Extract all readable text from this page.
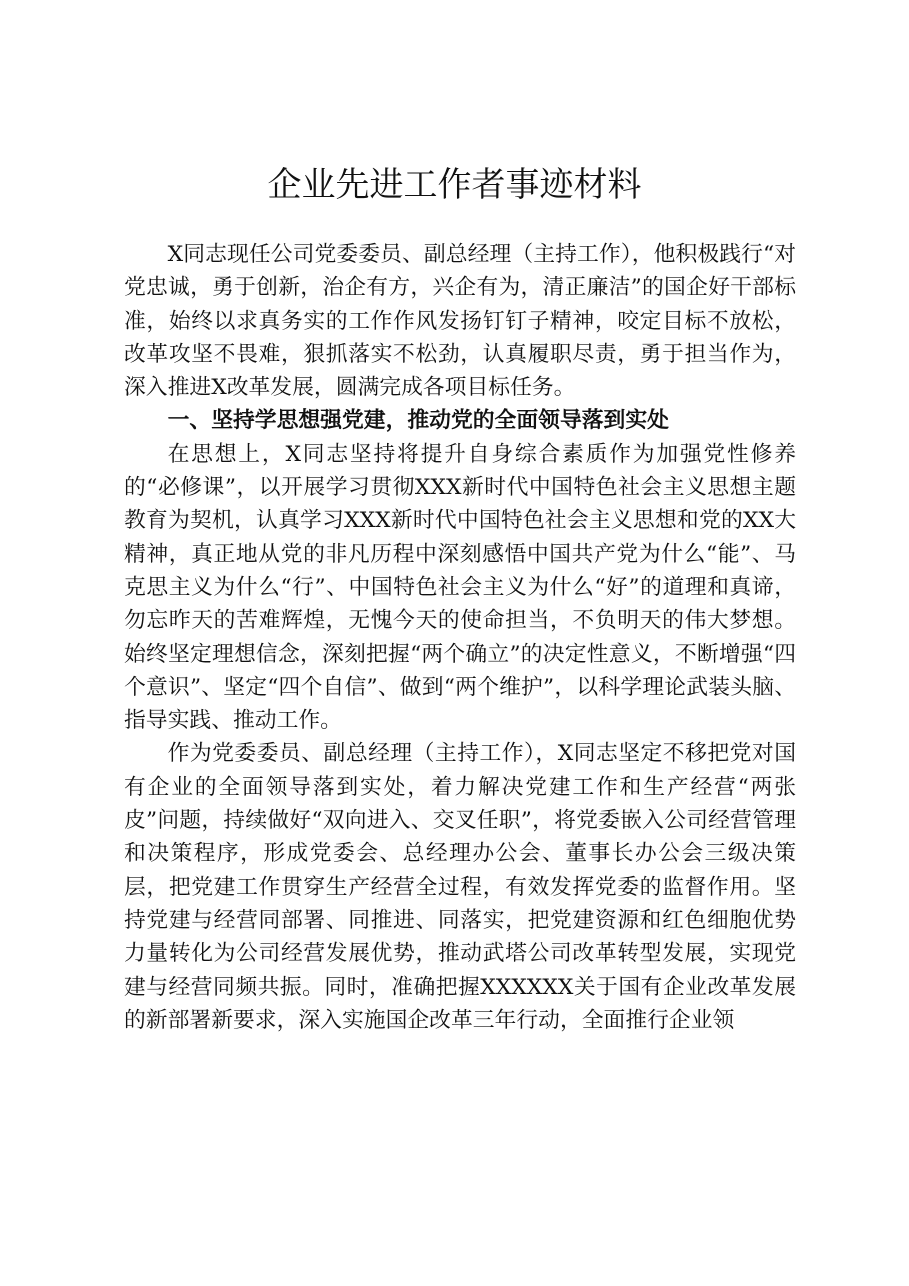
企业先进工作者事迹材料

X同志现任公司党委委员、副总经理（主持工作），他积极践行“对党忠诚，勇于创新，治企有方，兴企有为，清正廉洁”的国企好干部标准，始终以求真务实的工作作风发扬钉钉子精神，咬定目标不放松，改革攻坚不畏难，狠抓落实不松劲，认真履职尽责，勇于担当作为，深入推进X改革发展，圆满完成各项目标任务。

一、坚持学思想强党建，推动党的全面领导落到实处

在思想上，X同志坚持将提升自身综合素质作为加强党性修养的“必修课”，以开展学习贯彻XXX新时代中国特色社会主义思想主题教育为契机，认真学习XXX新时代中国特色社会主义思想和党的XX大精神，真正地从党的非凡历程中深刻感悟中国共产党为什么“能”、马克思主义为什么“行”、中国特色社会主义为什么“好”的道理和真谛，勿忘昨天的苦难辉煌，无愧今天的使命担当，不负明天的伟大梦想。始终坚定理想信念，深刻把握“两个确立”的决定性意义，不断增强“四个意识”、坚定“四个自信”、做到“两个维护”，以科学理论武装头脑、指导实践、推动工作。

作为党委委员、副总经理（主持工作），X同志坚定不移把党对国有企业的全面领导落到实处，着力解决党建工作和生产经营“两张皮”问题，持续做好“双向进入、交叉任职”，将党委嵌入公司经营管理和决策程序，形成党委会、总经理办公会、董事长办公会三级决策层，把党建工作贯穿生产经营全过程，有效发挥党委的监督作用。坚持党建与经营同部署、同推进、同落实，把党建资源和红色细胞优势力量转化为公司经营发展优势，推动武塔公司改革转型发展，实现党建与经营同频共振。同时，准确把握XXXXXX关于国有企业改革发展的新部署新要求，深入实施国企改革三年行动，全面推行企业领
